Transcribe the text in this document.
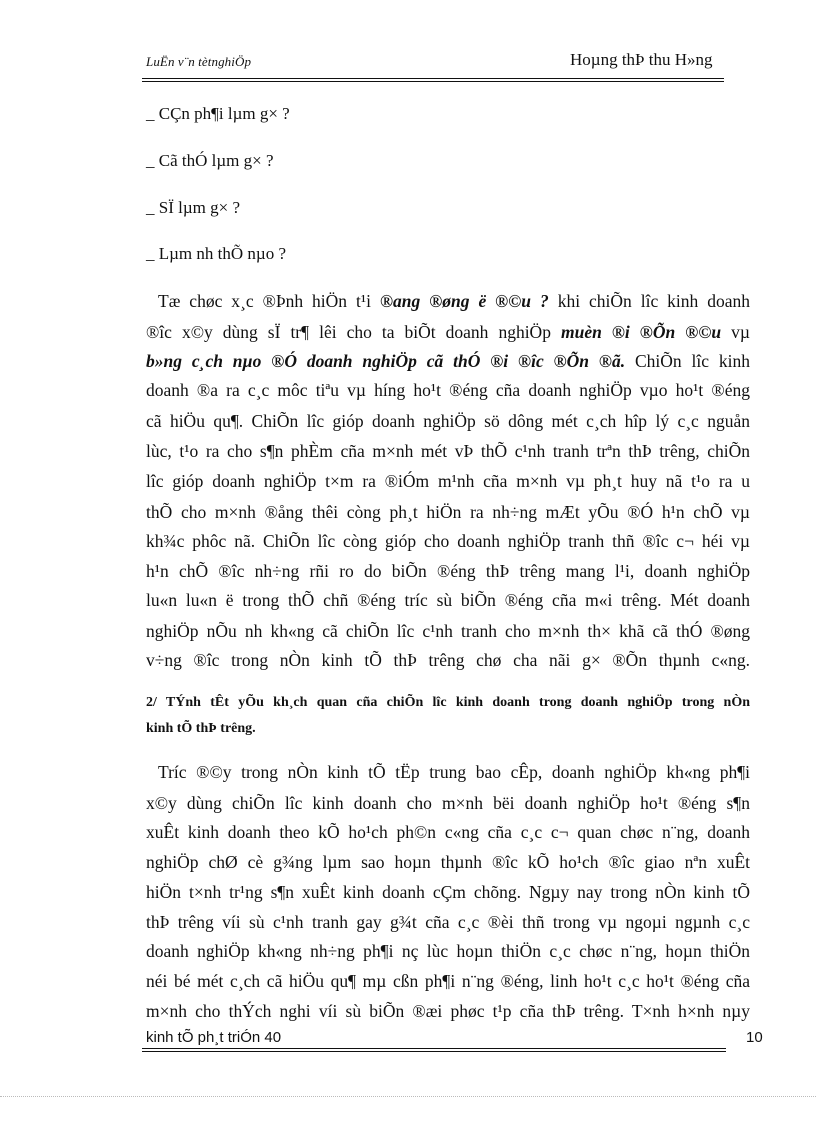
LuËn v¨n tètnghiÖp	Hoµng thÞ thu H»ng
_ CÇn ph¶i lµm g× ?
_ Cã thÓ lµm g× ?
_ SÏ lµm g× ?
_ Lµm nh thÕ nµo ?
Tæ chøc x¸c ®Þnh hiÖn t¹i ®ang ®øng ë ®©u ? khi chiÕn lîc kinh doanh
®îc x©y dùng sÏ tr¶ lêi cho ta biÕt doanh nghiÖp muèn ®i ®Õn ®©u vµ
b»ng c¸ch nµo ®Ó doanh nghiÖp cã thÓ ®i ®îc ®Õn ®ã. ChiÕn lîc kinh
doanh ®a ra c¸c môc tiªu vµ híng ho¹t ®éng cña doanh nghiÖp vµo ho¹t ®éng
cã hiÖu qu¶. ChiÕn lîc gióp doanh nghiÖp sö dông mét c¸ch hîp lý c¸c nguån
lùc, t¹o ra cho s¶n phÈm cña m×nh mét vÞ thÕ c¹nh tranh trªn thÞ trêng, chiÕn
lîc gióp doanh nghiÖp t×m ra ®iÓm m¹nh cña m×nh vµ ph¸t huy nã t¹o ra u
thÕ cho m×nh ®ång thêi còng ph¸t hiÖn ra nh÷ng mÆt yÕu ®Ó h¹n chÕ vµ
kh¾c phôc nã. ChiÕn lîc còng gióp cho doanh nghiÖp tranh thñ ®îc c¬ héi vµ
h¹n chÕ ®îc nh÷ng rñi ro do biÕn ®éng thÞ trêng mang l¹i, doanh nghiÖp
lu«n lu«n ë trong thÕ chñ ®éng tríc sù biÕn ®éng cña m«i trêng. Mét doanh
nghiÖp nÕu nh kh«ng cã chiÕn lîc c¹nh tranh cho m×nh th× khã cã thÓ ®øng
v÷ng ®îc trong nÒn kinh tÕ thÞ trêng chø cha nãi g× ®Õn thµnh c«ng.
2/ TÝnh tÊt yÕu kh¸ch quan cña chiÕn lîc kinh doanh trong doanh nghiÖp trong nÒn
kinh tÕ thÞ trêng.
Tríc ®©y trong nÒn kinh tÕ tËp trung bao cÊp, doanh nghiÖp kh«ng ph¶i
x©y dùng chiÕn lîc kinh doanh cho m×nh bëi doanh nghiÖp ho¹t ®éng s¶n
xuÊt kinh doanh theo kÕ ho¹ch ph©n c«ng cña c¸c c¬ quan chøc n¨ng, doanh
nghiÖp chØ cè g¾ng lµm sao hoµn thµnh ®îc kÕ ho¹ch ®îc giao nªn xuÊt
hiÖn t×nh tr¹ng s¶n xuÊt kinh doanh cÇm chõng. Ngµy nay trong nÒn kinh tÕ
thÞ trêng víi sù c¹nh tranh gay g¾t cña c¸c ®èi thñ trong vµ ngoµi ngµnh c¸c
doanh nghiÖp kh«ng nh÷ng ph¶i nç lùc hoµn thiÖn c¸c chøc n¨ng, hoµn thiÖn
néi bé mét c¸ch cã hiÖu qu¶ mµ cßn ph¶i n¨ng ®éng, linh ho¹t c¸c ho¹t ®éng cña
m×nh cho thÝch nghi víi sù biÕn ®æi phøc t¹p cña thÞ trêng. T×nh h×nh nµy
kinh tÕ ph¸t triÓn 40	10
